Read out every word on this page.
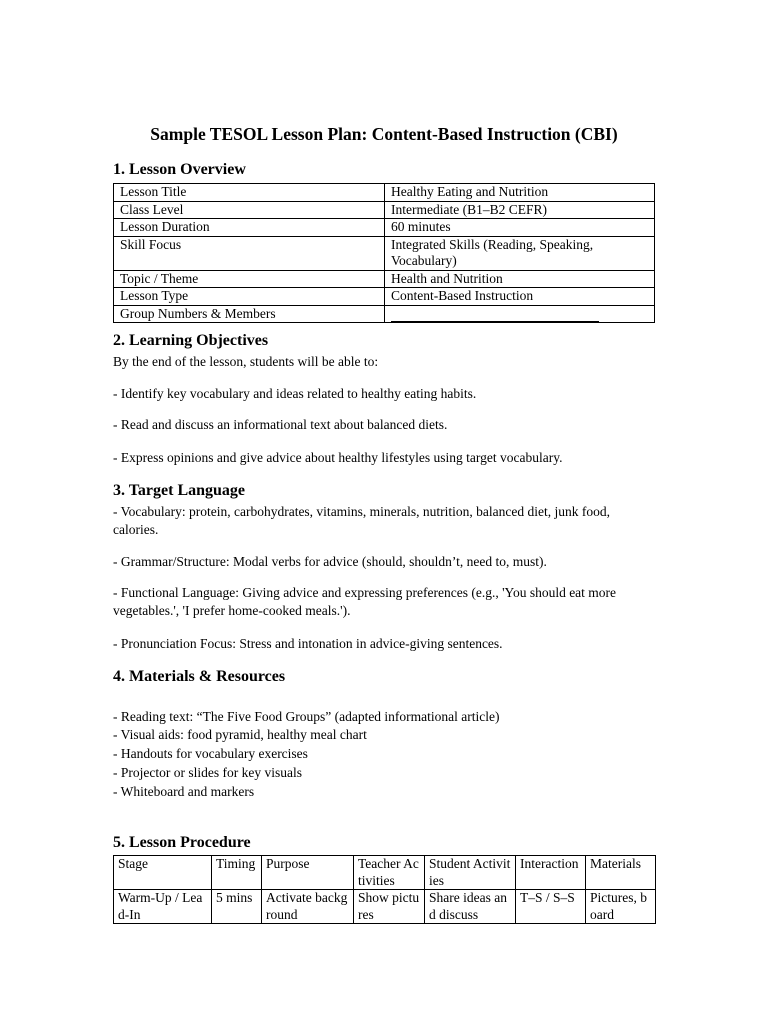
Sample TESOL Lesson Plan: Content-Based Instruction (CBI)
1. Lesson Overview
Lesson Title	Healthy Eating and Nutrition
Class Level	Intermediate (B1–B2 CEFR)
Lesson Duration	60 minutes
Skill Focus	Integrated Skills (Reading, Speaking, Vocabulary)
Topic / Theme	Health and Nutrition
Lesson Type	Content-Based Instruction
Group Numbers & Members	
2. Learning Objectives

By the end of the lesson, students will be able to:

- Identify key vocabulary and ideas related to healthy eating habits.

- Read and discuss an informational text about balanced diets.

- Express opinions and give advice about healthy lifestyles using target vocabulary.

3. Target Language

- Vocabulary: protein, carbohydrates, vitamins, minerals, nutrition, balanced diet, junk food, calories.

- Grammar/Structure: Modal verbs for advice (should, shouldn’t, need to, must).

- Functional Language: Giving advice and expressing preferences (e.g., 'You should eat more vegetables.', 'I prefer home-cooked meals.').

- Pronunciation Focus: Stress and intonation in advice-giving sentences.

4. Materials & Resources

- Reading text: “The Five Food Groups” (adapted informational article)

- Visual aids: food pyramid, healthy meal chart

- Handouts for vocabulary exercises

- Projector or slides for key visuals

- Whiteboard and markers

5. Lesson Procedure
Stage	Timing	Purpose	Teacher Activities	Student Activities	Interaction	Materials
Warm-Up / Lead-In	5 mins	Activate background	Show pictures	Share ideas and discuss	T–S / S–S	Pictures, board
